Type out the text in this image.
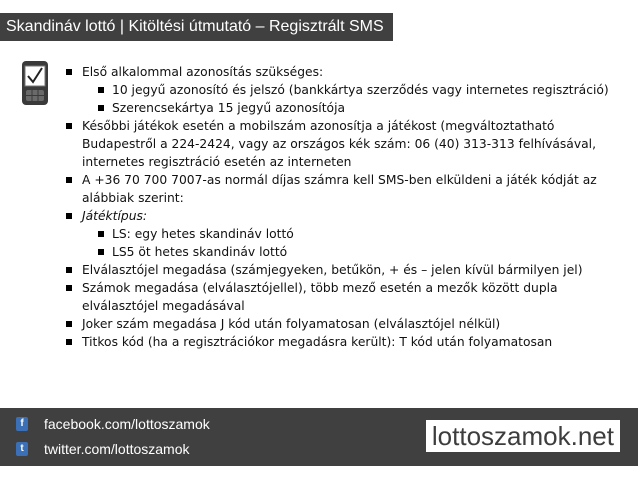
Skandináv lottó | Kitöltési útmutató – Regisztrált SMS
Első alkalommal azonosítás szükséges:
10 jegyű azonosító és jelszó (bankkártya szerződés vagy internetes regisztráció)
Szerencsekártya 15 jegyű azonosítója
Későbbi játékok esetén a mobilszám azonosítja a játékost (megváltoztatható Budapestről a 224-2424, vagy az országos kék szám: 06 (40) 313-313 felhívásával, internetes regisztráció esetén az interneten
A +36 70 700 7007-as normál díjas számra kell SMS-ben elküldeni a játék kódját az alábbiak szerint:
Játéktípus:
LS: egy hetes skandináv lottó
LS5 öt hetes skandináv lottó
Elválasztójel megadása (számjegyeken, betűkön, + és – jelen kívül bármilyen jel)
Számok megadása (elválasztójellel), több mező esetén a mezők között dupla elválasztójel megadásával
Joker szám megadása J kód után folyamatosan (elválasztójel nélkül)
Titkos kód (ha a regisztrációkor megadásra került): T kód után folyamatosan
f	facebook.com/lottoszamok
t	twitter.com/lottoszamok	lottoszamok.net
